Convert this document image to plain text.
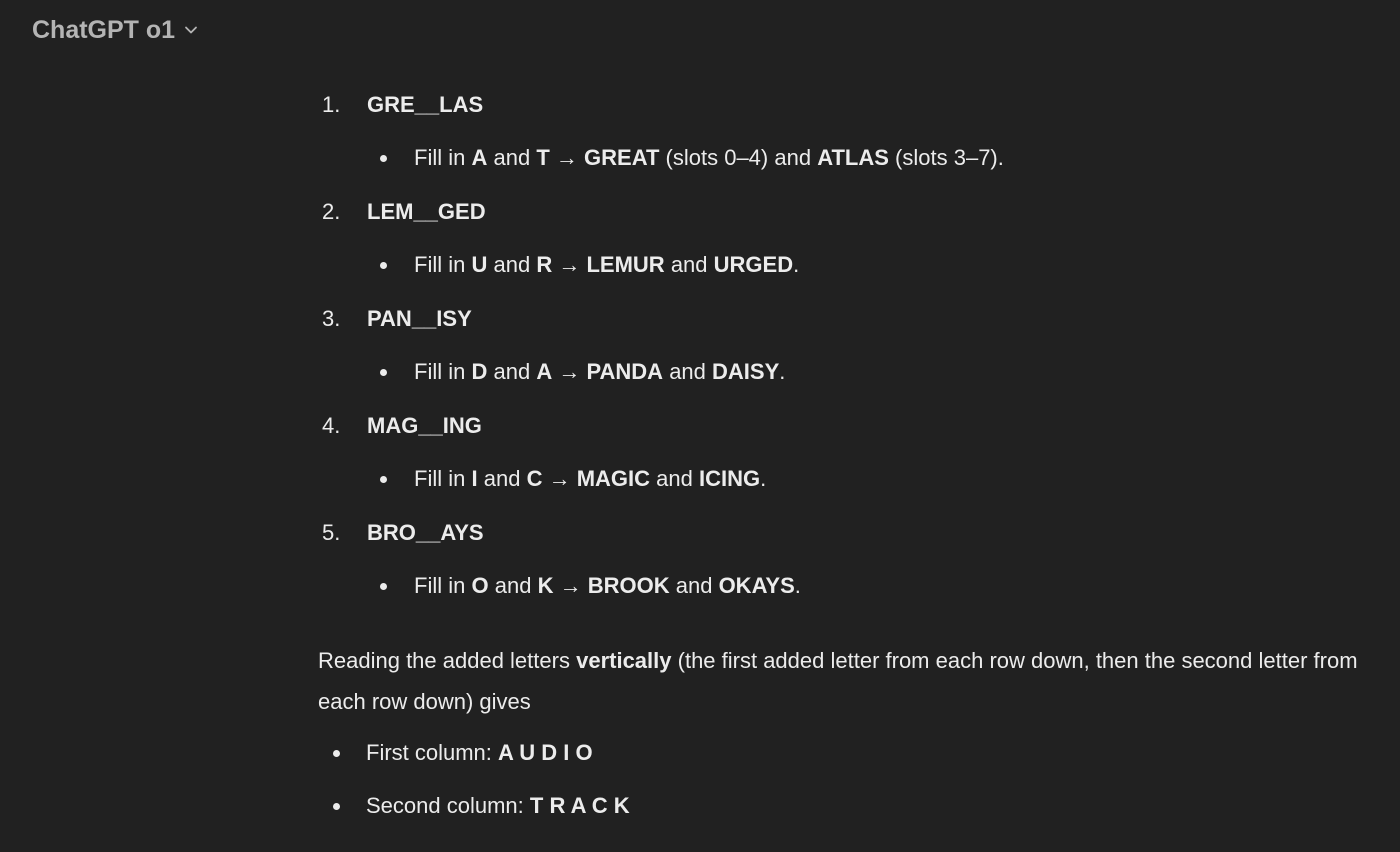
ChatGPT o1
1.	GRE__LAS
Fill in A and T → GREAT (slots 0–4) and ATLAS (slots 3–7).
2.	LEM__GED
Fill in U and R → LEMUR and URGED.
3.	PAN__ISY
Fill in D and A → PANDA and DAISY.
4.	MAG__ING
Fill in I and C → MAGIC and ICING.
5.	BRO__AYS
Fill in O and K → BROOK and OKAYS.
Reading the added letters vertically (the first added letter from each row down, then the second letter from each row down) gives
First column: A U D I O
Second column: T R A C K
